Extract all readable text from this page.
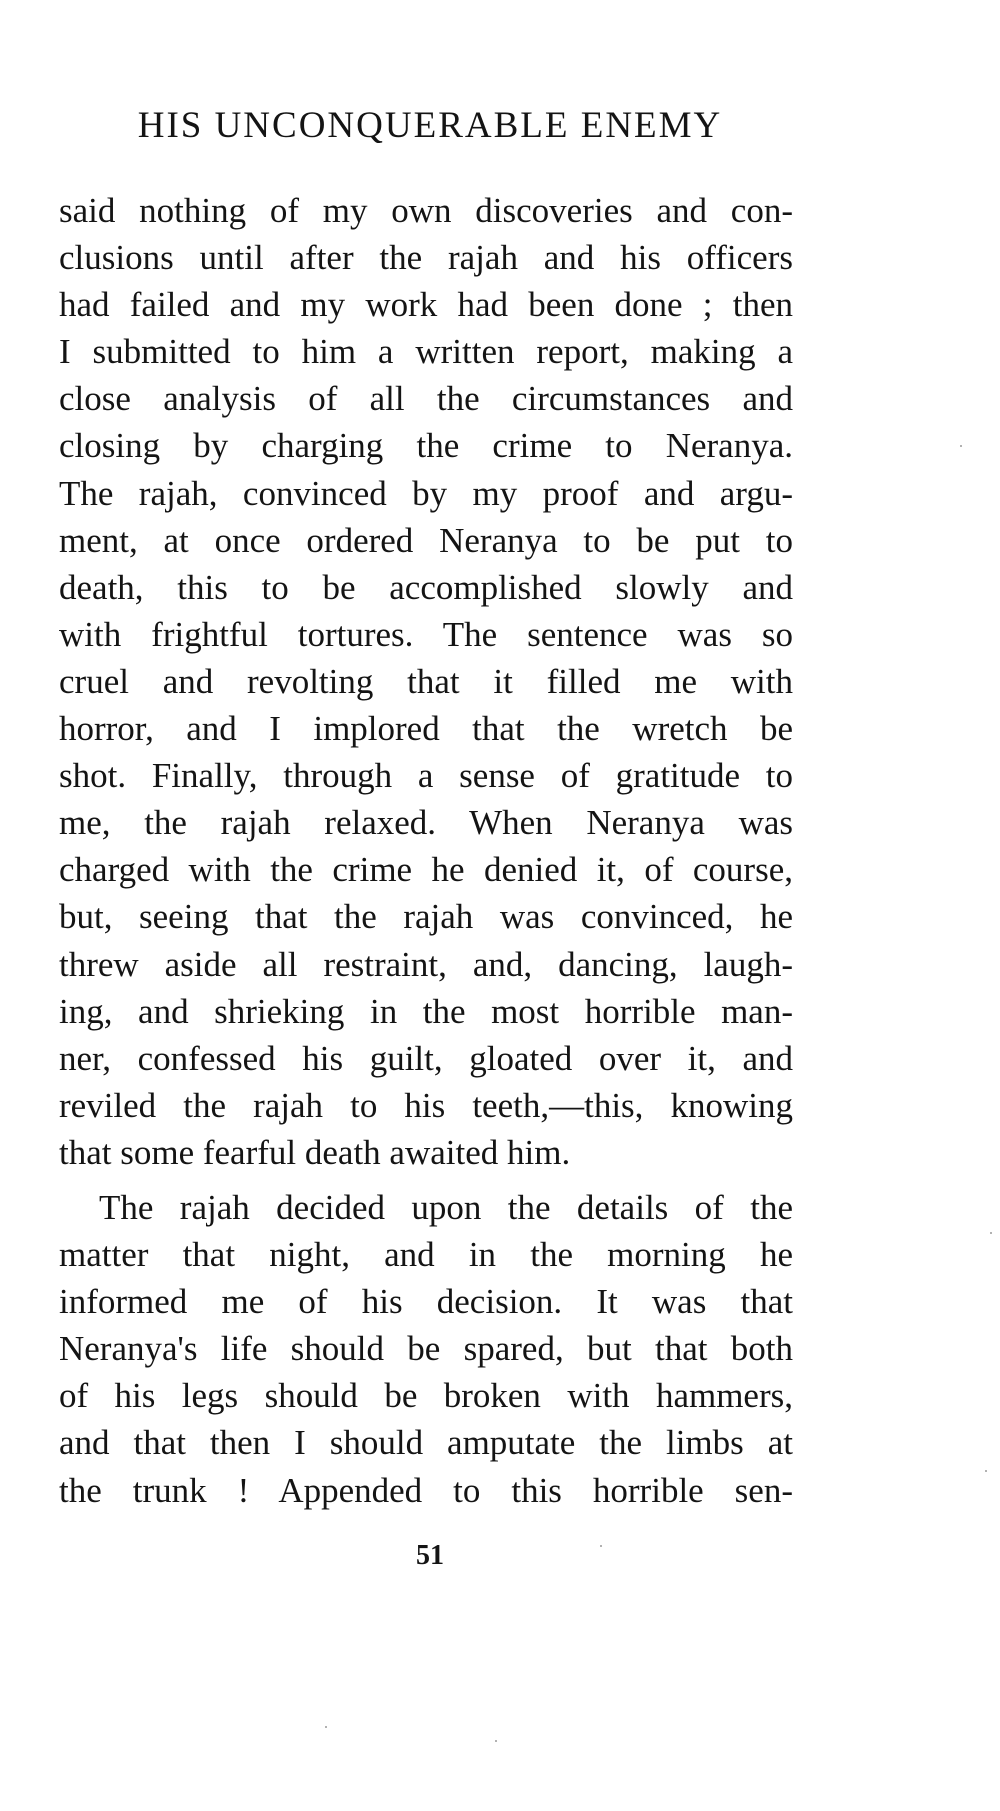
HIS UNCONQUERABLE ENEMY
said nothing of my own discoveries and con-
clusions until after the rajah and his officers
had failed and my work had been done ; then
I submitted to him a written report, making a
close analysis of all the circumstances and
closing by charging the crime to Neranya.
The rajah, convinced by my proof and argu-
ment, at once ordered Neranya to be put to
death, this to be accomplished slowly and
with frightful tortures. The sentence was so
cruel and revolting that it filled me with
horror, and I implored that the wretch be
shot. Finally, through a sense of gratitude to
me, the rajah relaxed. When Neranya was
charged with the crime he denied it, of course,
but, seeing that the rajah was convinced, he
threw aside all restraint, and, dancing, laugh-
ing, and shrieking in the most horrible man-
ner, confessed his guilt, gloated over it, and
reviled the rajah to his teeth,—this, knowing
that some fearful death awaited him.
The rajah decided upon the details of the
matter that night, and in the morning he
informed me of his decision. It was that
Neranya's life should be spared, but that both
of his legs should be broken with hammers,
and that then I should amputate the limbs at
the trunk ! Appended to this horrible sen-
51
